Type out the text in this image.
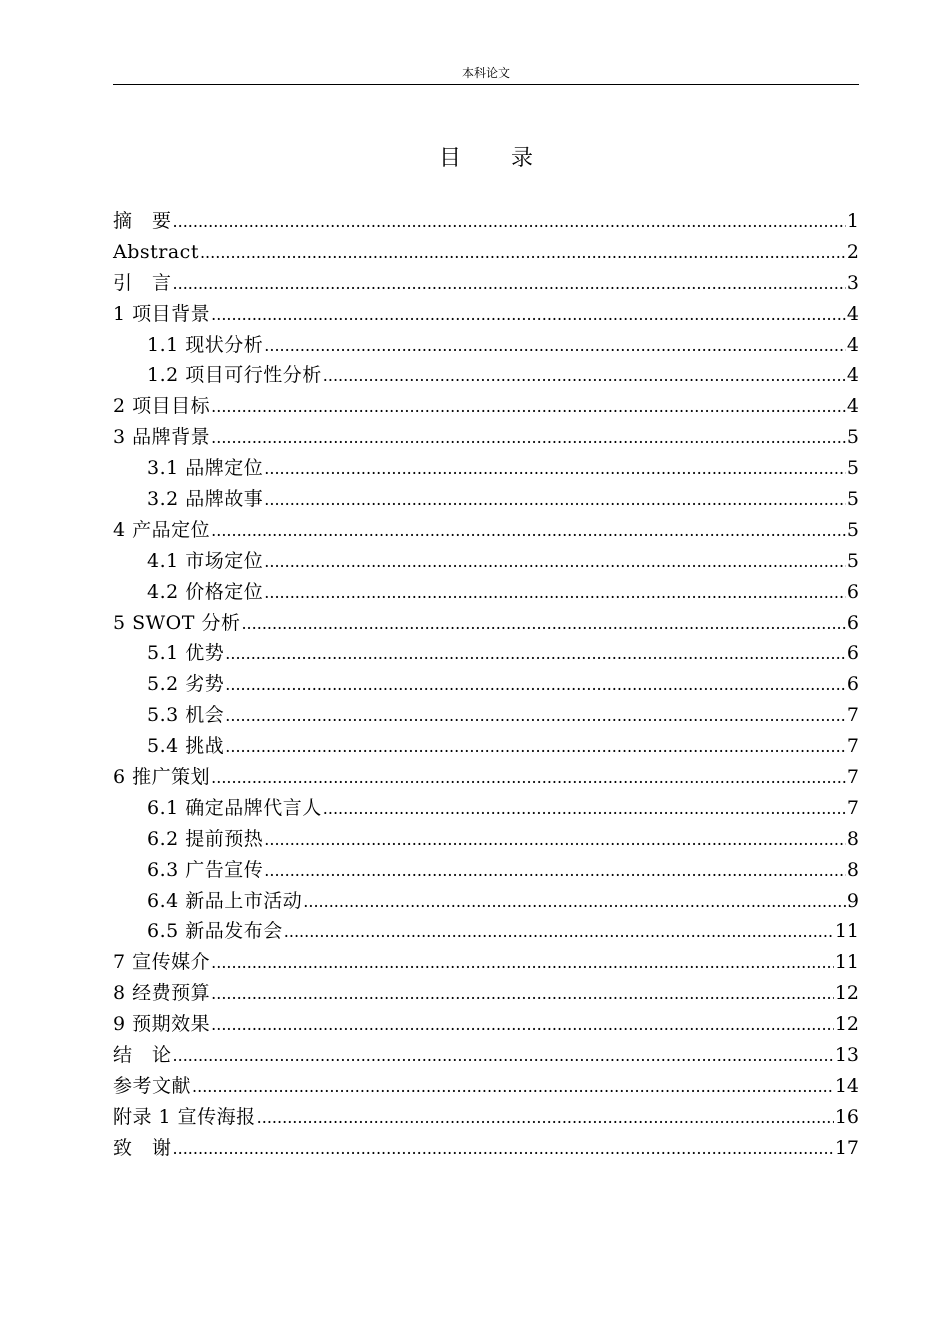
本科论文
目　录
摘　要 .....	1
Abstract .....	2
引　言 .....	3
1 项目背景 .....	4
1.1 现状分析 .....	4
1.2 项目可行性分析 .....	4
2 项目目标 .....	4
3 品牌背景 .....	5
3.1 品牌定位 .....	5
3.2 品牌故事 .....	5
4 产品定位 .....	5
4.1 市场定位 .....	5
4.2 价格定位 .....	6
5 SWOT 分析 .....	6
5.1 优势 .....	6
5.2 劣势 .....	6
5.3 机会 .....	7
5.4 挑战 .....	7
6 推广策划 .....	7
6.1 确定品牌代言人 .....	7
6.2 提前预热 .....	8
6.3 广告宣传 .....	8
6.4 新品上市活动 .....	9
6.5 新品发布会 .....	11
7 宣传媒介 .....	11
8 经费预算 .....	12
9 预期效果 .....	12
结　论 .....	13
参考文献 .....	14
附录 1 宣传海报 .....	16
致　谢 .....	17
